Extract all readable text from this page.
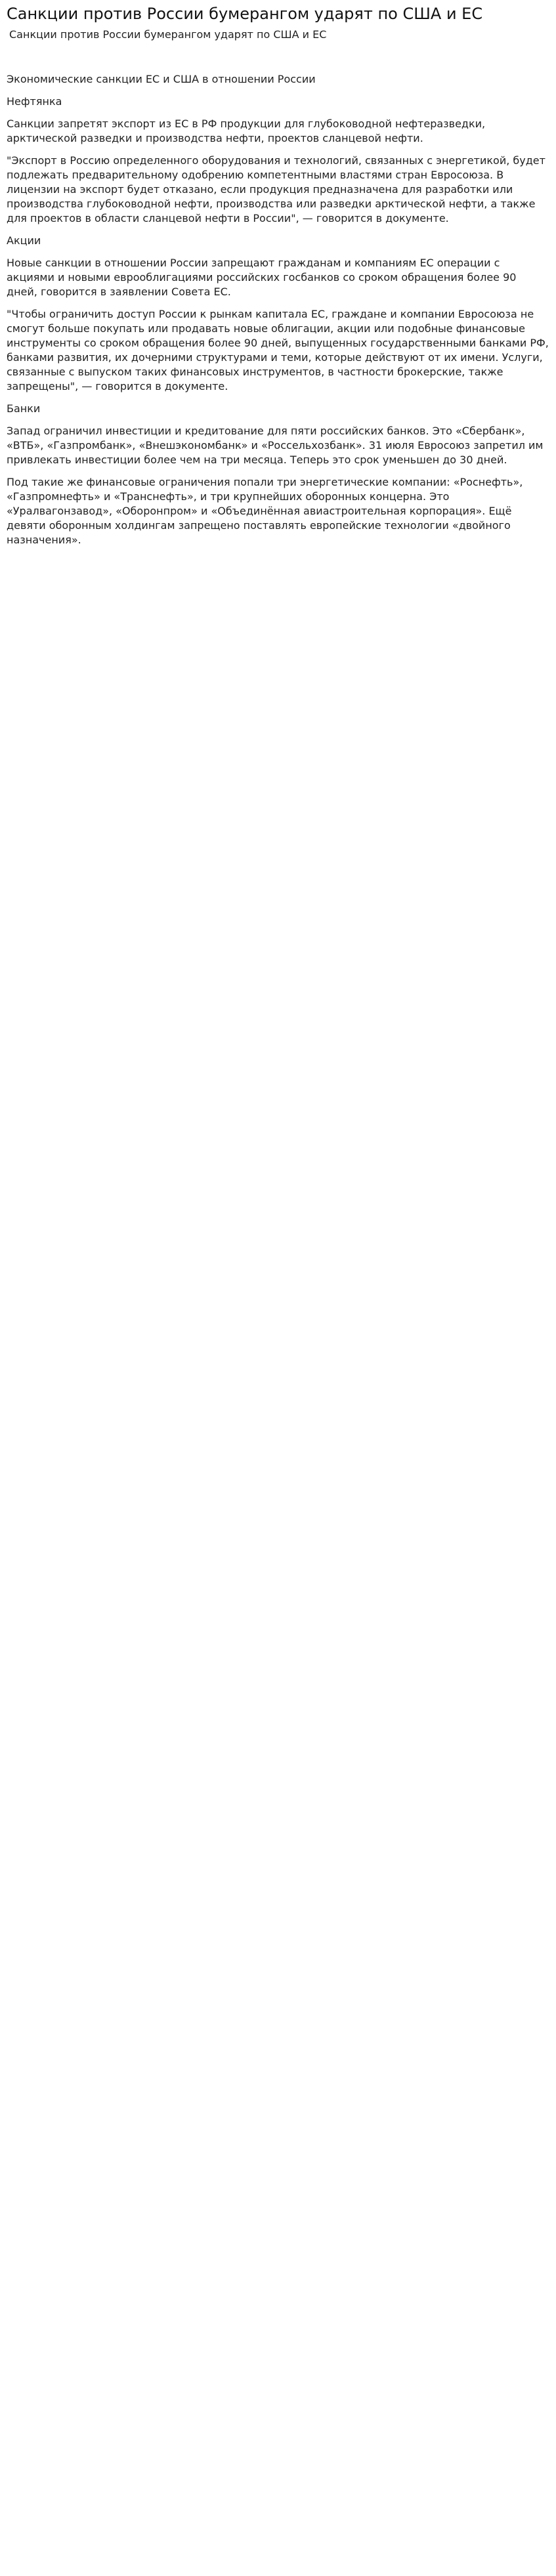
Санкции против России бумерангом ударят по США и ЕС
Санкции против России бумерангом ударят по США и ЕС
Экономические санкции ЕС и США в отношении России
Нефтянка

Санкции запретят экспорт из ЕС в РФ продукции для глубоководной нефтеразведки, арктической разведки и производства нефти, проектов сланцевой нефти.

"Экспорт в Россию определенного оборудования и технологий, связанных с энергетикой, будет подлежать предварительному одобрению компетентными властями стран Евросоюза. В лицензии на экспорт будет отказано, если продукция предназначена для разработки или производства глубоководной нефти, производства или разведки арктической нефти, а также для проектов в области сланцевой нефти в России", — говорится в документе.

Акции

Новые санкции в отношении России запрещают гражданам и компаниям ЕС операции с акциями и новыми еврооблигациями российских госбанков со сроком обращения более 90 дней, говорится в заявлении Совета ЕС.

"Чтобы ограничить доступ России к рынкам капитала ЕС, граждане и компании Евросоюза не смогут больше покупать или продавать новые облигации, акции или подобные финансовые инструменты со сроком обращения более 90 дней, выпущенных государственными банками РФ, банками развития, их дочерними структурами и теми, которые действуют от их имени. Услуги, связанные с выпуском таких финансовых инструментов, в частности брокерские, также запрещены", — говорится в документе.

Банки

Запад ограничил инвестиции и кредитование для пяти российских банков. Это «Сбербанк», «ВТБ», «Газпромбанк», «Внешэкономбанк» и «Россельхозбанк». 31 июля Евросоюз запретил им привлекать инвестиции более чем на три месяца. Теперь это срок уменьшен до 30 дней.

Под такие же финансовые ограничения попали три энергетические компании: «Роснефть», «Газпромнефть» и «Транснефть», и три крупнейших оборонных концерна. Это «Уралвагонзавод», «Оборонпром» и «Объединённая авиастроительная корпорация». Ещё девяти оборонным холдингам запрещено поставлять европейские технологии «двойного назначения».
